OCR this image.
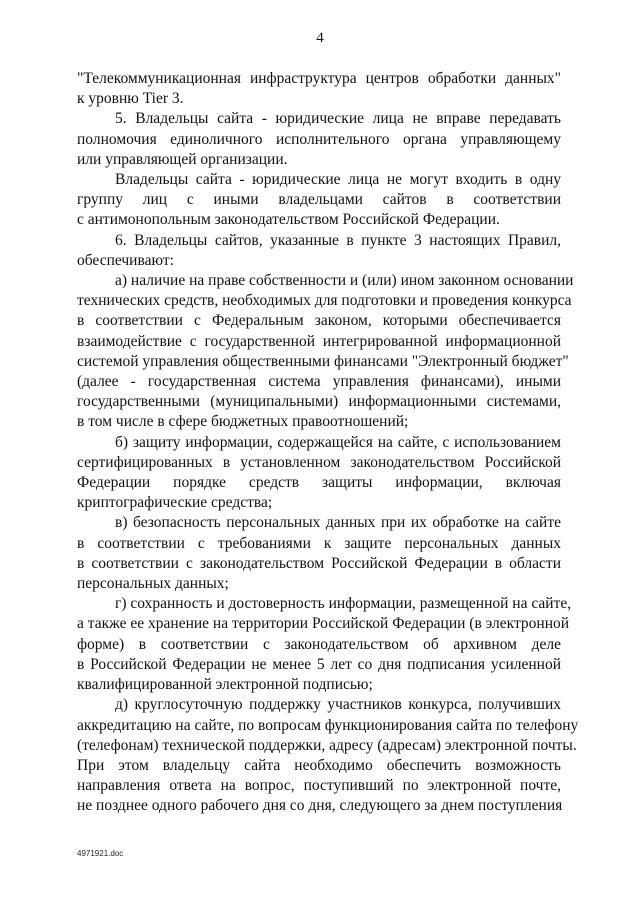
4

"Телекоммуникационная инфраструктура центров обработки данных"
к уровню Tier 3.

5. Владельцы сайта - юридические лица не вправе передавать
полномочия единоличного исполнительного органа управляющему
или управляющей организации.

Владельцы сайта - юридические лица не могут входить в одну
группу лиц с иными владельцами сайтов в соответствии
с антимонопольным законодательством Российской Федерации.

6. Владельцы сайтов, указанные в пункте 3 настоящих Правил,
обеспечивают:

а) наличие на праве собственности и (или) ином законном основании
технических средств, необходимых для подготовки и проведения конкурса
в соответствии с Федеральным законом, которыми обеспечивается
взаимодействие с государственной интегрированной информационной
системой управления общественными финансами "Электронный бюджет"
(далее - государственная система управления финансами), иными
государственными (муниципальными) информационными системами,
в том числе в сфере бюджетных правоотношений;

б) защиту информации, содержащейся на сайте, с использованием
сертифицированных в установленном законодательством Российской
Федерации порядке средств защиты информации, включая
криптографические средства;

в) безопасность персональных данных при их обработке на сайте
в соответствии с требованиями к защите персональных данных
в соответствии с законодательством Российской Федерации в области
персональных данных;

г) сохранность и достоверность информации, размещенной на сайте,
а также ее хранение на территории Российской Федерации (в электронной
форме) в соответствии с законодательством об архивном деле
в Российской Федерации не менее 5 лет со дня подписания усиленной
квалифицированной электронной подписью;

д) круглосуточную поддержку участников конкурса, получивших
аккредитацию на сайте, по вопросам функционирования сайта по телефону
(телефонам) технической поддержки, адресу (адресам) электронной почты.
При этом владельцу сайта необходимо обеспечить возможность
направления ответа на вопрос, поступивший по электронной почте,
не позднее одного рабочего дня со дня, следующего за днем поступления

4971921.doc
